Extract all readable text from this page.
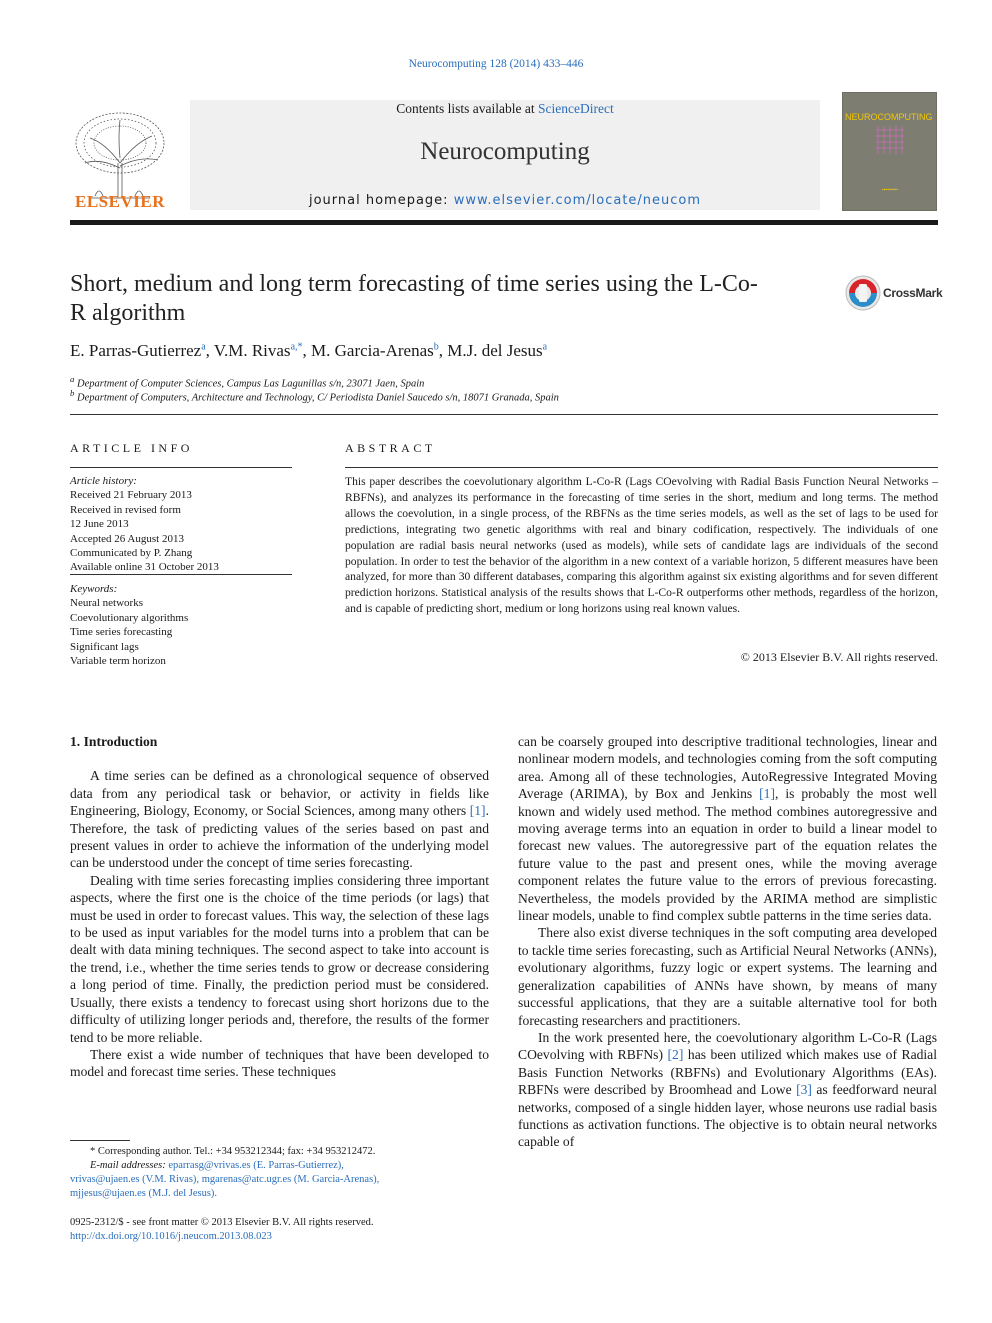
Neurocomputing 128 (2014) 433–446
ELSEVIER
Contents lists available at ScienceDirect
Neurocomputing
journal homepage: www.elsevier.com/locate/neucom
NEUROCOMPUTING
▪▪▪▪▪▪▪▪▪
Short, medium and long term forecasting of time series using the L-Co-R algorithm
CrossMark
E. Parras-Gutierrez$^a$, V.M. Rivas$^{a,*}$, M. Garcia-Arenas$^b$, M.J. del Jesus$^a$
$^a$ Department of Computer Sciences, Campus Las Lagunillas s/n, 23071 Jaen, Spain
$^b$ Department of Computers, Architecture and Technology, C/ Periodista Daniel Saucedo s/n, 18071 Granada, Spain
ARTICLE INFO
Article history:
Received 21 February 2013
Received in revised form
12 June 2013
Accepted 26 August 2013
Communicated by P. Zhang
Available online 31 October 2013
Keywords:
Neural networks
Coevolutionary algorithms
Time series forecasting
Significant lags
Variable term horizon
ABSTRACT
This paper describes the coevolutionary algorithm L-Co-R (Lags COevolving with Radial Basis Function Neural Networks – RBFNs), and analyzes its performance in the forecasting of time series in the short, medium and long terms. The method allows the coevolution, in a single process, of the RBFNs as the time series models, as well as the set of lags to be used for predictions, integrating two genetic algorithms with real and binary codification, respectively. The individuals of one population are radial basis neural networks (used as models), while sets of candidate lags are individuals of the second population. In order to test the behavior of the algorithm in a new context of a variable horizon, 5 different measures have been analyzed, for more than 30 different databases, comparing this algorithm against six existing algorithms and for seven different prediction horizons. Statistical analysis of the results shows that L-Co-R outperforms other methods, regardless of the horizon, and is capable of predicting short, medium or long horizons using real known values.
© 2013 Elsevier B.V. All rights reserved.
1. Introduction

A time series can be defined as a chronological sequence of observed data from any periodical task or behavior, or activity in fields like Engineering, Biology, Economy, or Social Sciences, among many others [1]. Therefore, the task of predicting values of the series based on past and present values in order to achieve the information of the underlying model can be understood under the concept of time series forecasting.

Dealing with time series forecasting implies considering three important aspects, where the first one is the choice of the time periods (or lags) that must be used in order to forecast values. This way, the selection of these lags to be used as input variables for the model turns into a problem that can be dealt with data mining techniques. The second aspect to take into account is the trend, i.e., whether the time series tends to grow or decrease considering a long period of time. Finally, the prediction period must be considered. Usually, there exists a tendency to forecast using short horizons due to the difficulty of utilizing longer periods and, therefore, the results of the former tend to be more reliable.

There exist a wide number of techniques that have been developed to model and forecast time series. These techniques

can be coarsely grouped into descriptive traditional technologies, linear and nonlinear modern models, and technologies coming from the soft computing area. Among all of these technologies, AutoRegressive Integrated Moving Average (ARIMA), by Box and Jenkins [1], is probably the most well known and widely used method. The method combines autoregressive and moving average terms into an equation in order to build a linear model to forecast new values. The autoregressive part of the equation relates the future value to the past and present ones, while the moving average component relates the future value to the errors of previous forecasting. Nevertheless, the models provided by the ARIMA method are simplistic linear models, unable to find complex subtle patterns in the time series data.

There also exist diverse techniques in the soft computing area developed to tackle time series forecasting, such as Artificial Neural Networks (ANNs), evolutionary algorithms, fuzzy logic or expert systems. The learning and generalization capabilities of ANNs have shown, by means of many successful applications, that they are a suitable alternative tool for both forecasting researchers and practitioners.

In the work presented here, the coevolutionary algorithm L-Co-R (Lags COevolving with RBFNs) [2] has been utilized which makes use of Radial Basis Function Networks (RBFNs) and Evolutionary Algorithms (EAs). RBFNs were described by Broomhead and Lowe [3] as feedforward neural networks, composed of a single hidden layer, whose neurons use radial basis functions as activation functions. The objective is to obtain neural networks capable of

* Corresponding author. Tel.: +34 953212344; fax: +34 953212472.
E-mail addresses: eparrasg@vrivas.es (E. Parras-Gutierrez),
vrivas@ujaen.es (V.M. Rivas), mgarenas@atc.ugr.es (M. Garcia-Arenas),
mjjesus@ujaen.es (M.J. del Jesus).
0925-2312/$ - see front matter © 2013 Elsevier B.V. All rights reserved.
http://dx.doi.org/10.1016/j.neucom.2013.08.023
